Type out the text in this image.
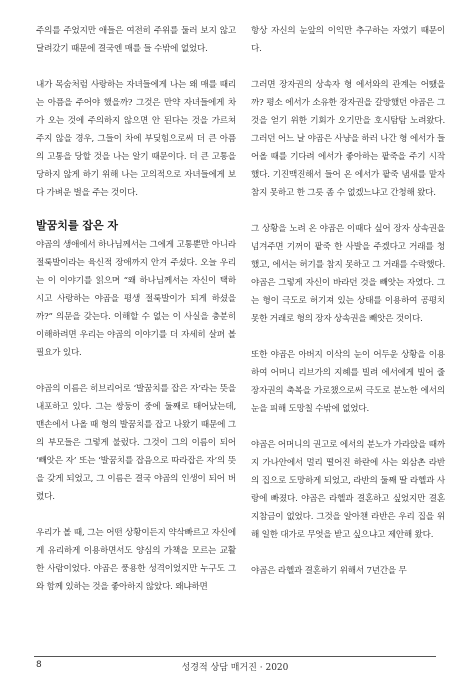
주의를 주었지만 애들은 여전히 주위를 둘러 보지 않고 달려갔기 때문에 결국엔 매를 들 수밖에 없었다.

내가 목숨처럼 사랑하는 자녀들에게 나는 왜 매를 때리는 아픔을 주어야 했을까? 그것은 만약 자녀들에게 차가 오는 것에 주의하지 않으면 안 된다는 것을 가르쳐 주지 않을 경우, 그들이 차에 부딪힘으로써 더 큰 아픔의 고통을 당할 것을 나는 알기 때문이다. 더 큰 고통을 당하지 않게 하기 위해 나는 고의적으로 자녀들에게 보다 가벼운 벌을 주는 것이다.

발꿈치를 잡은 자

야곱의 생애에서 하나님께서는 그에게 고통뿐만 아니라 절룩발이라는 육신적 장애까지 안겨 주셨다. 오늘 우리는 이 이야기를 읽으며 “왜 하나님께서는 자신이 택하시고 사랑하는 야곱을 평생 절룩발이가 되게 하셨을까?” 의문을 갖는다. 이해할 수 없는 이 사실을 충분히 이해하려면 우리는 야곱의 이야기를 더 자세히 살펴 볼 필요가 있다.

야곱의 이름은 히브리어로 ‘발꿈치를 잡은 자’라는 뜻을 내포하고 있다. 그는 쌍둥이 중에 둘째로 태어났는데, 맨손에서 나올 때 형의 발꿈치를 잡고 나왔기 때문에 그의 부모들은 그렇게 불렀다. 그것이 그의 이름이 되어 ‘빼앗은 자’ 또는 ‘발꿈치를 잡음으로 따라잡은 자’의 뜻을 갖게 되었고, 그 이름은 결국 야곱의 인생이 되어 버렸다.

우리가 볼 때, 그는 어떤 상황이든지 약삭빠르고 자신에게 유리하게 이용하면서도 양심의 가책을 모르는 교활한 사람이었다. 야곱은 풍용한 성격이었지만 누구도 그와 함께 있하는 것을 좋아하지 않았다. 왜냐하면

항상 자신의 눈앞의 이익만 추구하는 자였기 때문이다.

그러면 장자권의 상속자 형 에서와의 관계는 어땠을까? 평소 에서가 소유한 장자권을 갈망했던 야곱은 그것을 얻기 위한 기회가 오기만을 호시탐탐 노려왔다. 그러던 어느 날 야곱은 사냥을 하러 나간 형 에서가 들어올 때를 기다려 에서가 좋아하는 팥죽을 주기 시작했다. 기진맥진해서 들어 온 에서가 팥죽 냄새를 맡자 참지 못하고 한 그릇 좀 수 없겠느냐고 간청해 왔다.

그 상황을 노려 온 야곱은 이때다 싶어 장자 상속권을 넘겨주면 기꺼이 팥죽 한 사발을 주겠다고 거래를 청했고, 에서는 허기를 참지 못하고 그 거래를 수락했다. 야곱은 그렇게 자신이 바라던 것을 빼앗는 자였다. 그는 형이 극도로 허기져 있는 상태를 이용하여 공평치 못한 거래로 형의 장자 상속권을 빼앗은 것이다.

또한 야곱은 아버지 이삭의 눈이 어두운 상황을 이용하여 어머니 리브가의 지혜를 빌려 에서에게 빌어 줄 장자권의 축복을 가로챘으로써 극도로 분노한 에서의 눈을 피해 도망칠 수밖에 없었다.

야곱은 어머니의 권고로 에서의 분노가 가라앉을 때까지 가나안에서 멀리 떨어진 하란에 사는 외삼촌 라반의 집으로 도망하게 되었고, 라반의 둘째 딸 라헬과 사랑에 빠졌다. 야곱은 라헬과 결혼하고 싶었지만 결혼 지참금이 없었다. 그것을 알아챈 라반은 우리 집을 위해 일한 대가로 무엇을 받고 싶으냐고 제안해 왔다.

야곱은 라헬과 결혼하기 위해서 7년간을 무

8	성경적 상담 매거진 · 2020
